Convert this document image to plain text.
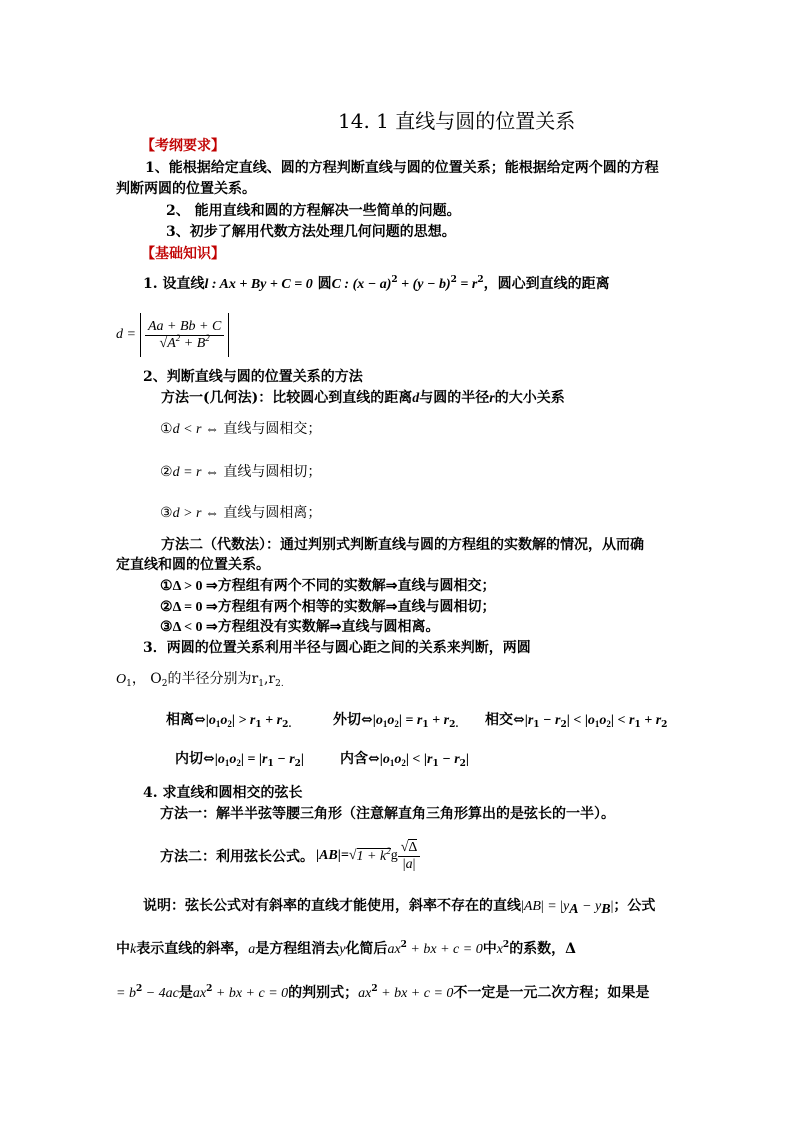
14. 1 直线与圆的位置关系
【考纲要求】
1、能根据给定直线、圆的方程判断直线与圆的位置关系；能根据给定两个圆的方程
判断两圆的位置关系。
2、 能用直线和圆的方程解决一些简单的问题。
3、初步了解用代数方法处理几何问题的思想。
【基础知识】
1. 设直线l : Ax + By + C = 0 圆C : $(x - a)^2 + (y - b)^2 = r^2$，圆心到直线的距离
$d = \frac{Aa + Bb + C}{√A^2 + B^2}$
2、判断直线与圆的位置关系的方法
方法一(几何法)：比较圆心到直线的距离d与圆的半径r的大小关系
①d < r ⇔ 直线与圆相交；
②d = r ⇔ 直线与圆相切；
③d > r ⇔ 直线与圆相离；
方法二（代数法）：通过判别式判断直线与圆的方程组的实数解的情况，从而确
定直线和圆的位置关系。
①Δ > 0 ⇒方程组有两个不同的实数解⇒直线与圆相交；
②Δ = 0 ⇒方程组有两个相等的实数解⇒直线与圆相切；
③Δ < 0 ⇒方程组没有实数解⇒直线与圆相离。
3．两圆的位置关系利用半径与圆心距之间的关系来判断，两圆
$O_1$， $O_2$的半径分别为$r_1,r_{2.}$
相离$\Leftrightarrow|o_1o_2| > r_1 + r_{2.}$	外切$\Leftrightarrow|o_1o_2| = r_1 + r_{2.}$ 相交$\Leftrightarrow|r_1 - r_2| < |o_1o_2| < r_1 + r_2$
内切$\Leftrightarrow|o_1o_2| = |r_1 - r_2|$	内含$\Leftrightarrow|o_1o_2| < |r_1 - r_2|$
4. 求直线和圆相交的弦长
方法一：解半半弦等腰三角形（注意解直角三角形算出的是弦长的一半）。
方法二：利用弦长公式。 |AB| = √ $1 + k^2$ g $\frac{√\Delta}{|a|}$
说明：弦长公式对有斜率的直线才能使用，斜率不存在的直线$|AB| = |y_A - y_B|$；公式
中k表示直线的斜率，a是方程组消去y化简后$ax^2$ + bx + c = 0中$x^2$的系数，Δ
= $b^2 - 4ac$是$ax^2$ + bx + c = 0的判别式；$ax^2$ + bx + c = 0不一定是一元二次方程；如果是
